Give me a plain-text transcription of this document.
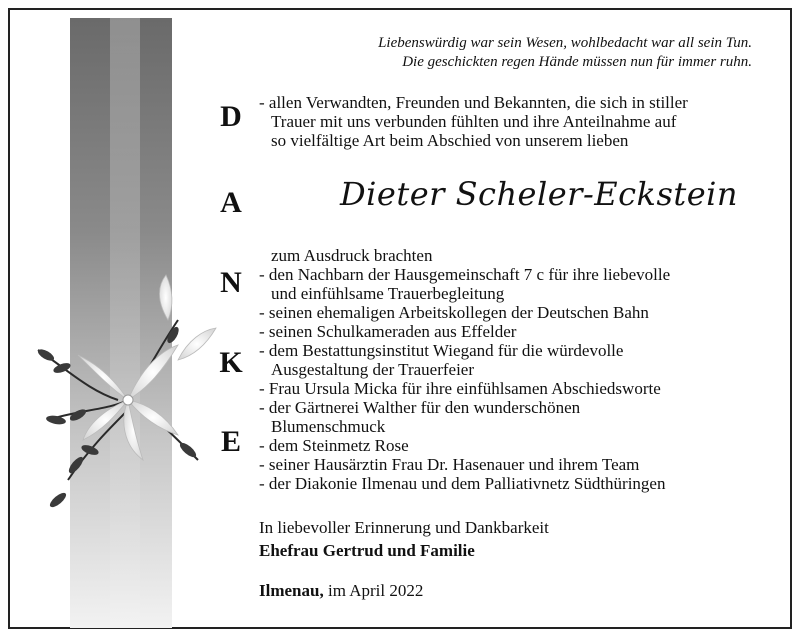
Liebenswürdig war sein Wesen, wohlbedacht war all sein Tun.
Die geschickten regen Hände müssen nun für immer ruhn.
D
A
N
K
E
- allen Verwandten, Freunden und Bekannten, die sich in stiller
Trauer mit uns verbunden fühlten und ihre Anteilnahme auf
so vielfältige Art beim Abschied von unserem lieben
Dieter Scheler-Eckstein
zum Ausdruck brachten
- den Nachbarn der Hausgemeinschaft 7 c für ihre liebevolle
und einfühlsame Trauerbegleitung
- seinen ehemaligen Arbeitskollegen der Deutschen Bahn
- seinen Schulkameraden aus Effelder
- dem Bestattungsinstitut Wiegand für die würdevolle
Ausgestaltung der Trauerfeier
- Frau Ursula Micka für ihre einfühlsamen Abschiedsworte
- der Gärtnerei Walther für den wunderschönen
Blumenschmuck
- dem Steinmetz Rose
- seiner Hausärztin Frau Dr. Hasenauer und ihrem Team
- der Diakonie Ilmenau und dem Palliativnetz Südthüringen
In liebevoller Erinnerung und Dankbarkeit
Ehefrau Gertrud und Familie
Ilmenau, im April 2022
